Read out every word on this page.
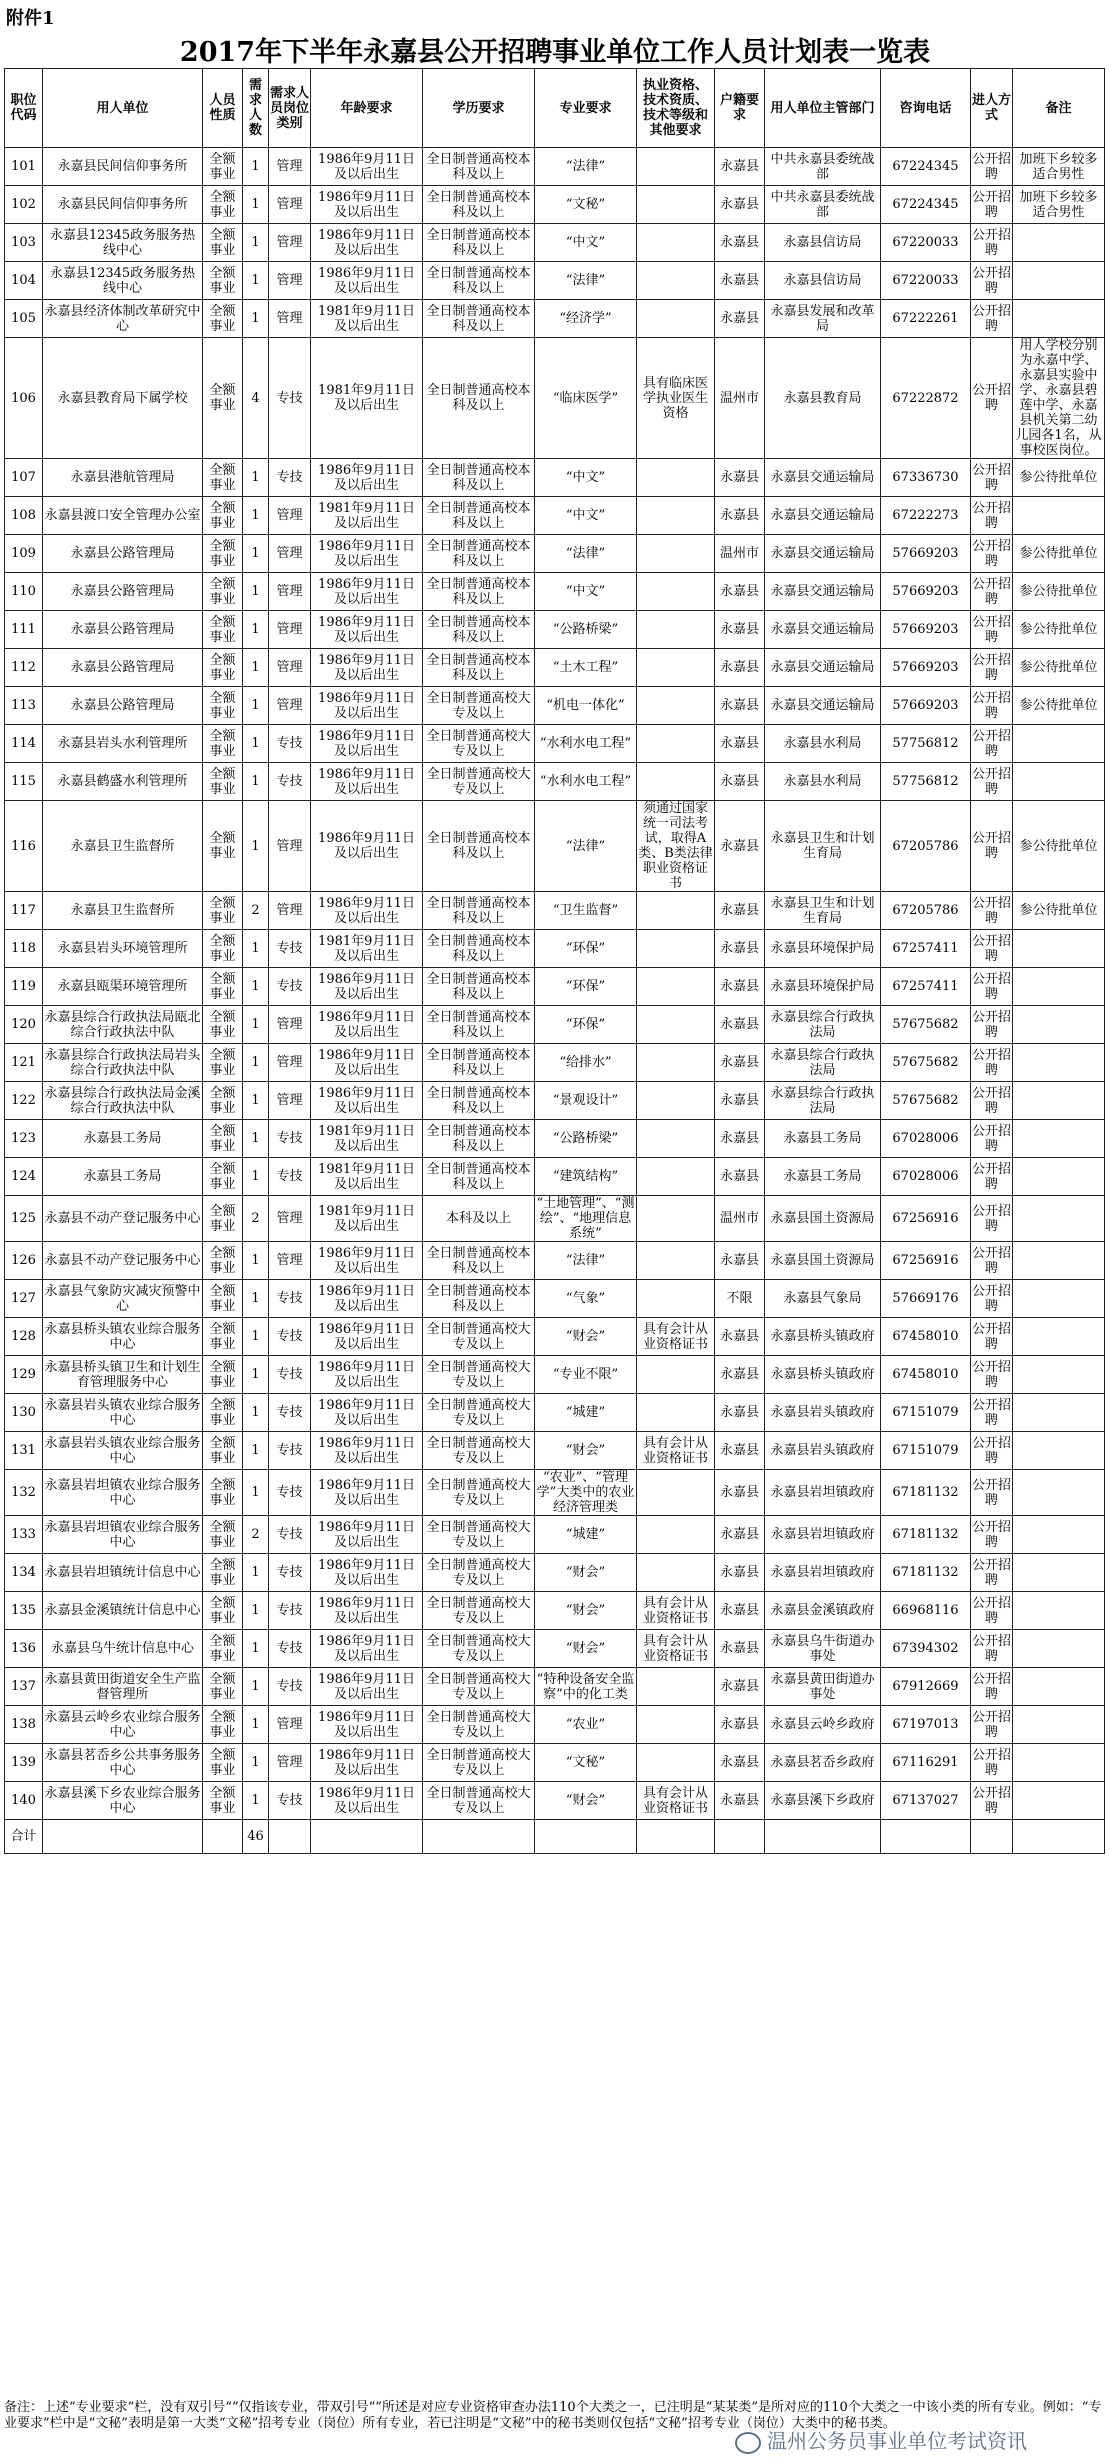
附件1
2017年下半年永嘉县公开招聘事业单位工作人员计划表一览表
职位代码	用人单位	人员性质	需求人数	需求人员岗位类别	年龄要求	学历要求	专业要求	执业资格、技术资质、技术等级和其他要求	户籍要求	用人单位主管部门	咨询电话	进人方式	备注
101	永嘉县民间信仰事务所	全额事业	1	管理	1986年9月11日及以后出生	全日制普通高校本科及以上	“法律”		永嘉县	中共永嘉县委统战部	67224345	公开招聘	加班下乡较多适合男性
102	永嘉县民间信仰事务所	全额事业	1	管理	1986年9月11日及以后出生	全日制普通高校本科及以上	“文秘”		永嘉县	中共永嘉县委统战部	67224345	公开招聘	加班下乡较多适合男性
103	永嘉县12345政务服务热线中心	全额事业	1	管理	1986年9月11日及以后出生	全日制普通高校本科及以上	“中文”		永嘉县	永嘉县信访局	67220033	公开招聘	
104	永嘉县12345政务服务热线中心	全额事业	1	管理	1986年9月11日及以后出生	全日制普通高校本科及以上	“法律”		永嘉县	永嘉县信访局	67220033	公开招聘	
105	永嘉县经济体制改革研究中心	全额事业	1	管理	1981年9月11日及以后出生	全日制普通高校本科及以上	“经济学”		永嘉县	永嘉县发展和改革局	67222261	公开招聘	
106	永嘉县教育局下属学校	全额事业	4	专技	1981年9月11日及以后出生	全日制普通高校本科及以上	“临床医学”	具有临床医学执业医生资格	温州市	永嘉县教育局	67222872	公开招聘	用人学校分别为永嘉中学、永嘉县实验中学、永嘉县碧莲中学、永嘉县机关第二幼儿园各1名，从事校医岗位。
107	永嘉县港航管理局	全额事业	1	专技	1986年9月11日及以后出生	全日制普通高校本科及以上	“中文”		永嘉县	永嘉县交通运输局	67336730	公开招聘	参公待批单位
108	永嘉县渡口安全管理办公室	全额事业	1	管理	1981年9月11日及以后出生	全日制普通高校本科及以上	“中文”		永嘉县	永嘉县交通运输局	67222273	公开招聘	
109	永嘉县公路管理局	全额事业	1	管理	1986年9月11日及以后出生	全日制普通高校本科及以上	“法律”		温州市	永嘉县交通运输局	57669203	公开招聘	参公待批单位
110	永嘉县公路管理局	全额事业	1	管理	1986年9月11日及以后出生	全日制普通高校本科及以上	“中文”		永嘉县	永嘉县交通运输局	57669203	公开招聘	参公待批单位
111	永嘉县公路管理局	全额事业	1	管理	1986年9月11日及以后出生	全日制普通高校本科及以上	“公路桥梁”		永嘉县	永嘉县交通运输局	57669203	公开招聘	参公待批单位
112	永嘉县公路管理局	全额事业	1	管理	1986年9月11日及以后出生	全日制普通高校本科及以上	“土木工程”		永嘉县	永嘉县交通运输局	57669203	公开招聘	参公待批单位
113	永嘉县公路管理局	全额事业	1	管理	1986年9月11日及以后出生	全日制普通高校大专及以上	“机电一体化”		永嘉县	永嘉县交通运输局	57669203	公开招聘	参公待批单位
114	永嘉县岩头水利管理所	全额事业	1	专技	1986年9月11日及以后出生	全日制普通高校大专及以上	“水利水电工程”		永嘉县	永嘉县水利局	57756812	公开招聘	
115	永嘉县鹤盛水利管理所	全额事业	1	专技	1986年9月11日及以后出生	全日制普通高校大专及以上	“水利水电工程”		永嘉县	永嘉县水利局	57756812	公开招聘	
116	永嘉县卫生监督所	全额事业	1	管理	1986年9月11日及以后出生	全日制普通高校本科及以上	“法律”	须通过国家统一司法考试，取得A类、B类法律职业资格证书	永嘉县	永嘉县卫生和计划生育局	67205786	公开招聘	参公待批单位
117	永嘉县卫生监督所	全额事业	2	管理	1986年9月11日及以后出生	全日制普通高校本科及以上	“卫生监督”		永嘉县	永嘉县卫生和计划生育局	67205786	公开招聘	参公待批单位
118	永嘉县岩头环境管理所	全额事业	1	专技	1981年9月11日及以后出生	全日制普通高校本科及以上	“环保”		永嘉县	永嘉县环境保护局	67257411	公开招聘	
119	永嘉县瓯渠环境管理所	全额事业	1	专技	1986年9月11日及以后出生	全日制普通高校本科及以上	“环保”		永嘉县	永嘉县环境保护局	67257411	公开招聘	
120	永嘉县综合行政执法局瓯北综合行政执法中队	全额事业	1	管理	1986年9月11日及以后出生	全日制普通高校本科及以上	“环保”		永嘉县	永嘉县综合行政执法局	57675682	公开招聘	
121	永嘉县综合行政执法局岩头综合行政执法中队	全额事业	1	管理	1986年9月11日及以后出生	全日制普通高校本科及以上	“给排水”		永嘉县	永嘉县综合行政执法局	57675682	公开招聘	
122	永嘉县综合行政执法局金溪综合行政执法中队	全额事业	1	管理	1986年9月11日及以后出生	全日制普通高校本科及以上	“景观设计”		永嘉县	永嘉县综合行政执法局	57675682	公开招聘	
123	永嘉县工务局	全额事业	1	专技	1981年9月11日及以后出生	全日制普通高校本科及以上	“公路桥梁”		永嘉县	永嘉县工务局	67028006	公开招聘	
124	永嘉县工务局	全额事业	1	专技	1981年9月11日及以后出生	全日制普通高校本科及以上	“建筑结构”		永嘉县	永嘉县工务局	67028006	公开招聘	
125	永嘉县不动产登记服务中心	全额事业	2	管理	1981年9月11日及以后出生	本科及以上	“土地管理”、“测绘”、“地理信息系统”		温州市	永嘉县国土资源局	67256916	公开招聘	
126	永嘉县不动产登记服务中心	全额事业	1	管理	1986年9月11日及以后出生	全日制普通高校本科及以上	“法律”		永嘉县	永嘉县国土资源局	67256916	公开招聘	
127	永嘉县气象防灾减灾预警中心	全额事业	1	专技	1986年9月11日及以后出生	全日制普通高校本科及以上	“气象”		不限	永嘉县气象局	57669176	公开招聘	
128	永嘉县桥头镇农业综合服务中心	全额事业	1	专技	1986年9月11日及以后出生	全日制普通高校大专及以上	“财会”	具有会计从业资格证书	永嘉县	永嘉县桥头镇政府	67458010	公开招聘	
129	永嘉县桥头镇卫生和计划生育管理服务中心	全额事业	1	专技	1986年9月11日及以后出生	全日制普通高校大专及以上	“专业不限”		永嘉县	永嘉县桥头镇政府	67458010	公开招聘	
130	永嘉县岩头镇农业综合服务中心	全额事业	1	专技	1986年9月11日及以后出生	全日制普通高校大专及以上	“城建”		永嘉县	永嘉县岩头镇政府	67151079	公开招聘	
131	永嘉县岩头镇农业综合服务中心	全额事业	1	专技	1986年9月11日及以后出生	全日制普通高校大专及以上	“财会”	具有会计从业资格证书	永嘉县	永嘉县岩头镇政府	67151079	公开招聘	
132	永嘉县岩坦镇农业综合服务中心	全额事业	1	专技	1986年9月11日及以后出生	全日制普通高校大专及以上	“农业”、“管理学”大类中的农业经济管理类		永嘉县	永嘉县岩坦镇政府	67181132	公开招聘	
133	永嘉县岩坦镇农业综合服务中心	全额事业	2	专技	1986年9月11日及以后出生	全日制普通高校大专及以上	“城建”		永嘉县	永嘉县岩坦镇政府	67181132	公开招聘	
134	永嘉县岩坦镇统计信息中心	全额事业	1	专技	1986年9月11日及以后出生	全日制普通高校大专及以上	“财会”		永嘉县	永嘉县岩坦镇政府	67181132	公开招聘	
135	永嘉县金溪镇统计信息中心	全额事业	1	专技	1986年9月11日及以后出生	全日制普通高校大专及以上	“财会”	具有会计从业资格证书	永嘉县	永嘉县金溪镇政府	66968116	公开招聘	
136	永嘉县乌牛统计信息中心	全额事业	1	专技	1986年9月11日及以后出生	全日制普通高校大专及以上	“财会”	具有会计从业资格证书	永嘉县	永嘉县乌牛街道办事处	67394302	公开招聘	
137	永嘉县黄田街道安全生产监督管理所	全额事业	1	专技	1986年9月11日及以后出生	全日制普通高校大专及以上	“特种设备安全监察”中的化工类		永嘉县	永嘉县黄田街道办事处	67912669	公开招聘	
138	永嘉县云岭乡农业综合服务中心	全额事业	1	管理	1986年9月11日及以后出生	全日制普通高校大专及以上	“农业”		永嘉县	永嘉县云岭乡政府	67197013	公开招聘	
139	永嘉县茗岙乡公共事务服务中心	全额事业	1	管理	1986年9月11日及以后出生	全日制普通高校大专及以上	“文秘”		永嘉县	永嘉县茗岙乡政府	67116291	公开招聘	
140	永嘉县溪下乡农业综合服务中心	全额事业	1	专技	1986年9月11日及以后出生	全日制普通高校大专及以上	“财会”	具有会计从业资格证书	永嘉县	永嘉县溪下乡政府	67137027	公开招聘	
合计			46										
备注：上述“专业要求”栏，没有双引号“”仅指该专业，带双引号“”所述是对应专业资格审查办法110个大类之一，已注明是“某某类”是所对应的110个大类之一中该小类的所有专业。例如：“专业要求”栏中是“文秘”表明是第一大类“文秘”招考专业（岗位）所有专业，若已注明是“文秘”中的秘书类则仅包括“文秘”招考专业（岗位）大类中的秘书类。
温州公务员事业单位考试资讯
